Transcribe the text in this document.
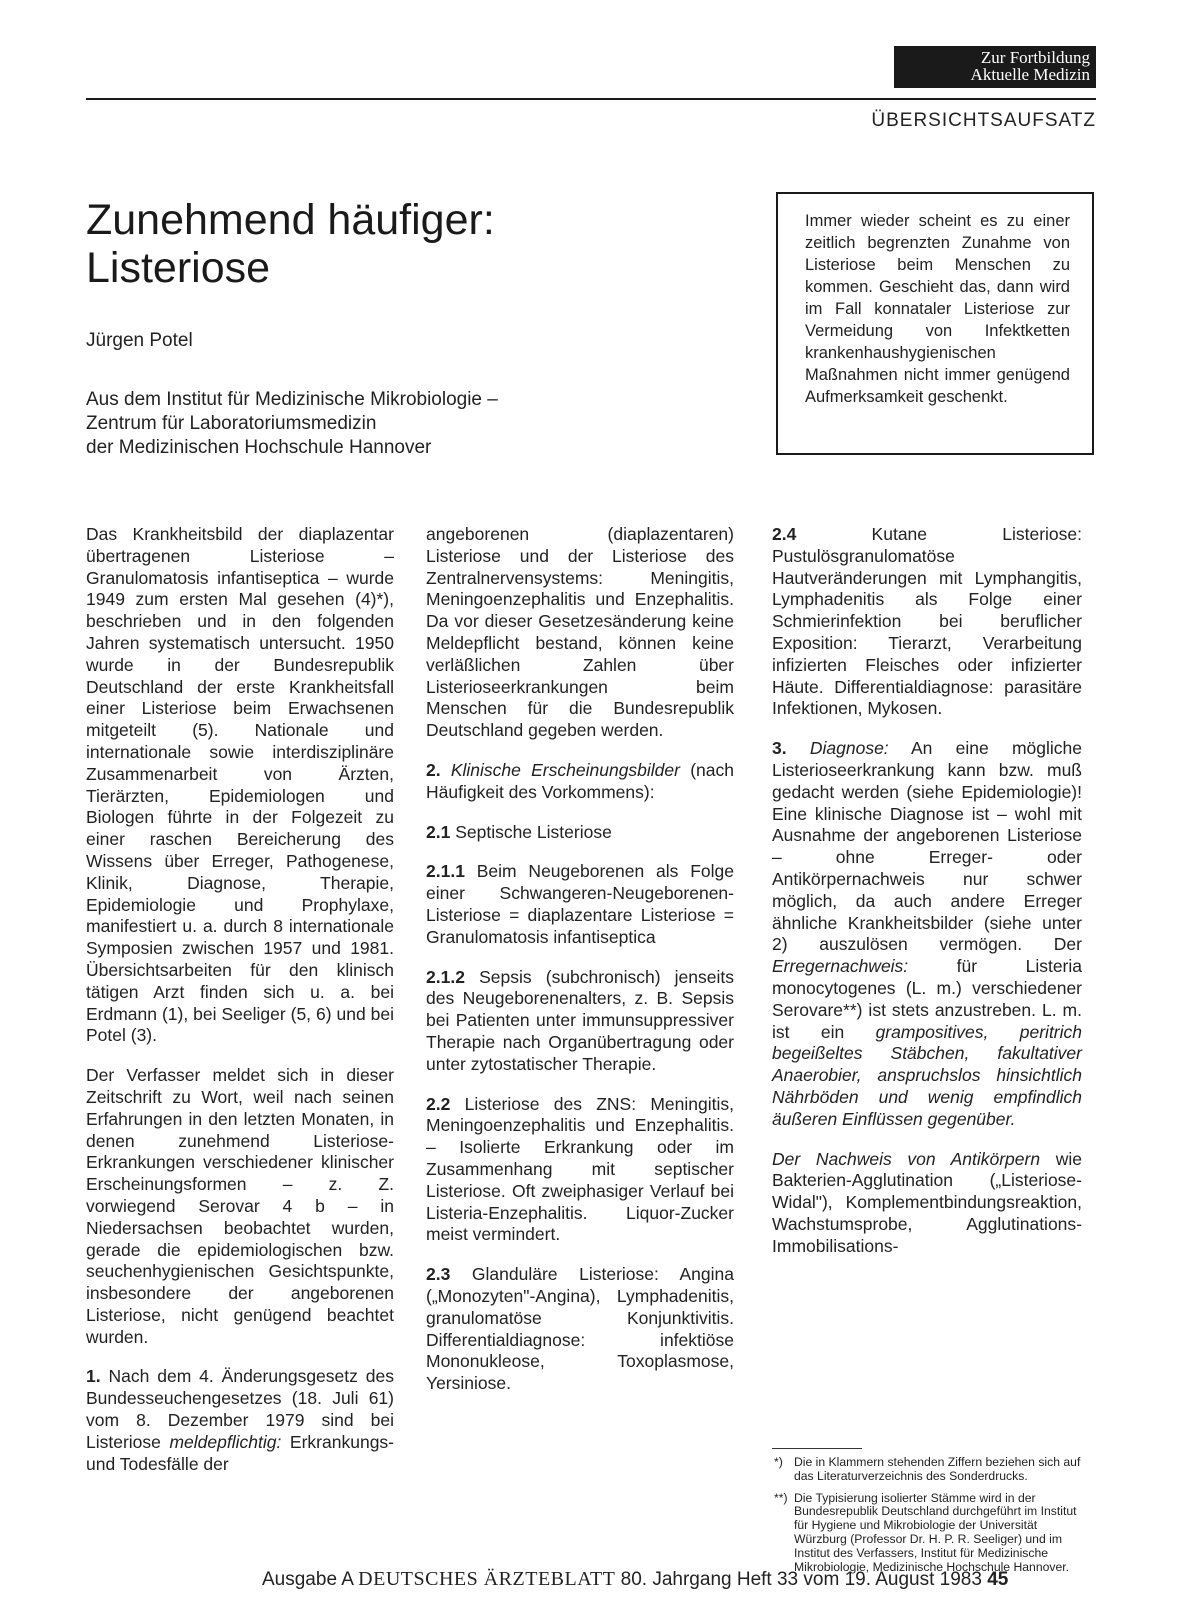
Zur Fortbildung
Aktuelle Medizin
ÜBERSICHTSAUFSATZ
Zunehmend häufiger:
Listeriose
Jürgen Potel
Aus dem Institut für Medizinische Mikrobiologie –
Zentrum für Laboratoriumsmedizin
der Medizinischen Hochschule Hannover
Immer wieder scheint es zu einer zeitlich begrenzten Zunahme von Listeriose beim Menschen zu kommen. Geschieht das, dann wird im Fall konnataler Listeriose zur Vermeidung von Infektketten krankenhaushygienischen Maßnahmen nicht immer genügend Aufmerksamkeit geschenkt.

Das Krankheitsbild der diaplazentar übertragenen Listeriose – Granulomatosis infantiseptica – wurde 1949 zum ersten Mal gesehen (4)*), beschrieben und in den folgenden Jahren systematisch untersucht. 1950 wurde in der Bundesrepublik Deutschland der erste Krankheitsfall einer Listeriose beim Erwachsenen mitgeteilt (5). Nationale und internationale sowie interdisziplinäre Zusammenarbeit von Ärzten, Tierärzten, Epidemiologen und Biologen führte in der Folgezeit zu einer raschen Bereicherung des Wissens über Erreger, Pathogenese, Klinik, Diagnose, Therapie, Epidemiologie und Prophylaxe, manifestiert u. a. durch 8 internationale Symposien zwischen 1957 und 1981. Übersichtsarbeiten für den klinisch tätigen Arzt finden sich u. a. bei Erdmann (1), bei Seeliger (5, 6) und bei Potel (3).

Der Verfasser meldet sich in dieser Zeitschrift zu Wort, weil nach seinen Erfahrungen in den letzten Monaten, in denen zunehmend Listeriose-Erkrankungen verschiedener klinischer Erscheinungsformen – z. Z. vorwiegend Serovar 4 b – in Niedersachsen beobachtet wurden, gerade die epidemiologischen bzw. seuchenhygienischen Gesichtspunkte, insbesondere der angeborenen Listeriose, nicht genügend beachtet wurden.

1. Nach dem 4. Änderungsgesetz des Bundesseuchengesetzes (18. Juli 61) vom 8. Dezember 1979 sind bei Listeriose meldepflichtig: Erkrankungs- und Todesfälle der

angeborenen (diaplazentaren) Listeriose und der Listeriose des Zentralnervensystems: Meningitis, Meningoenzephalitis und Enzephalitis. Da vor dieser Gesetzesänderung keine Meldepflicht bestand, können keine verläßlichen Zahlen über Listerioseerkrankungen beim Menschen für die Bundesrepublik Deutschland gegeben werden.

2. Klinische Erscheinungsbilder (nach Häufigkeit des Vorkommens):

2.1 Septische Listeriose

2.1.1 Beim Neugeborenen als Folge einer Schwangeren-Neugeborenen-Listeriose = diaplazentare Listeriose = Granulomatosis infantiseptica

2.1.2 Sepsis (subchronisch) jenseits des Neugeborenenalters, z. B. Sepsis bei Patienten unter immunsuppressiver Therapie nach Organübertragung oder unter zytostatischer Therapie.

2.2 Listeriose des ZNS: Meningitis, Meningoenzephalitis und Enzephalitis. – Isolierte Erkrankung oder im Zusammenhang mit septischer Listeriose. Oft zweiphasiger Verlauf bei Listeria-Enzephalitis. Liquor-Zucker meist vermindert.

2.3 Glanduläre Listeriose: Angina („Monozyten"-Angina), Lymphadenitis, granulomatöse Konjunktivitis. Differentialdiagnose: infektiöse Mononukleose, Toxoplasmose, Yersiniose.

2.4 Kutane Listeriose: Pustulösgranulomatöse Hautveränderungen mit Lymphangitis, Lymphadenitis als Folge einer Schmierinfektion bei beruflicher Exposition: Tierarzt, Verarbeitung infizierten Fleisches oder infizierter Häute. Differentialdiagnose: parasitäre Infektionen, Mykosen.

3. Diagnose: An eine mögliche Listerioseerkrankung kann bzw. muß gedacht werden (siehe Epidemiologie)! Eine klinische Diagnose ist – wohl mit Ausnahme der angeborenen Listeriose – ohne Erreger- oder Antikörpernachweis nur schwer möglich, da auch andere Erreger ähnliche Krankheitsbilder (siehe unter 2) auszulösen vermögen. Der Erregernachweis: für Listeria monocytogenes (L. m.) verschiedener Serovare**) ist stets anzustreben. L. m. ist ein grampositives, peritrich begeißeltes Stäbchen, fakultativer Anaerobier, anspruchslos hinsichtlich Nährböden und wenig empfindlich äußeren Einflüssen gegenüber.

Der Nachweis von Antikörpern wie Bakterien-Agglutination („Listeriose-Widal"), Komplementbindungsreaktion, Wachstumsprobe, Agglutinations-Immobilisations-

*) Die in Klammern stehenden Ziffern beziehen sich auf das Literaturverzeichnis des Sonderdrucks.
**) Die Typisierung isolierter Stämme wird in der Bundesrepublik Deutschland durchgeführt im Institut für Hygiene und Mikrobiologie der Universität Würzburg (Professor Dr. H. P. R. Seeliger) und im Institut des Verfassers, Institut für Medizinische Mikrobiologie, Medizinische Hochschule Hannover.
Ausgabe A DEUTSCHES ÄRZTEBLATT 80. Jahrgang Heft 33 vom 19. August 1983 45
